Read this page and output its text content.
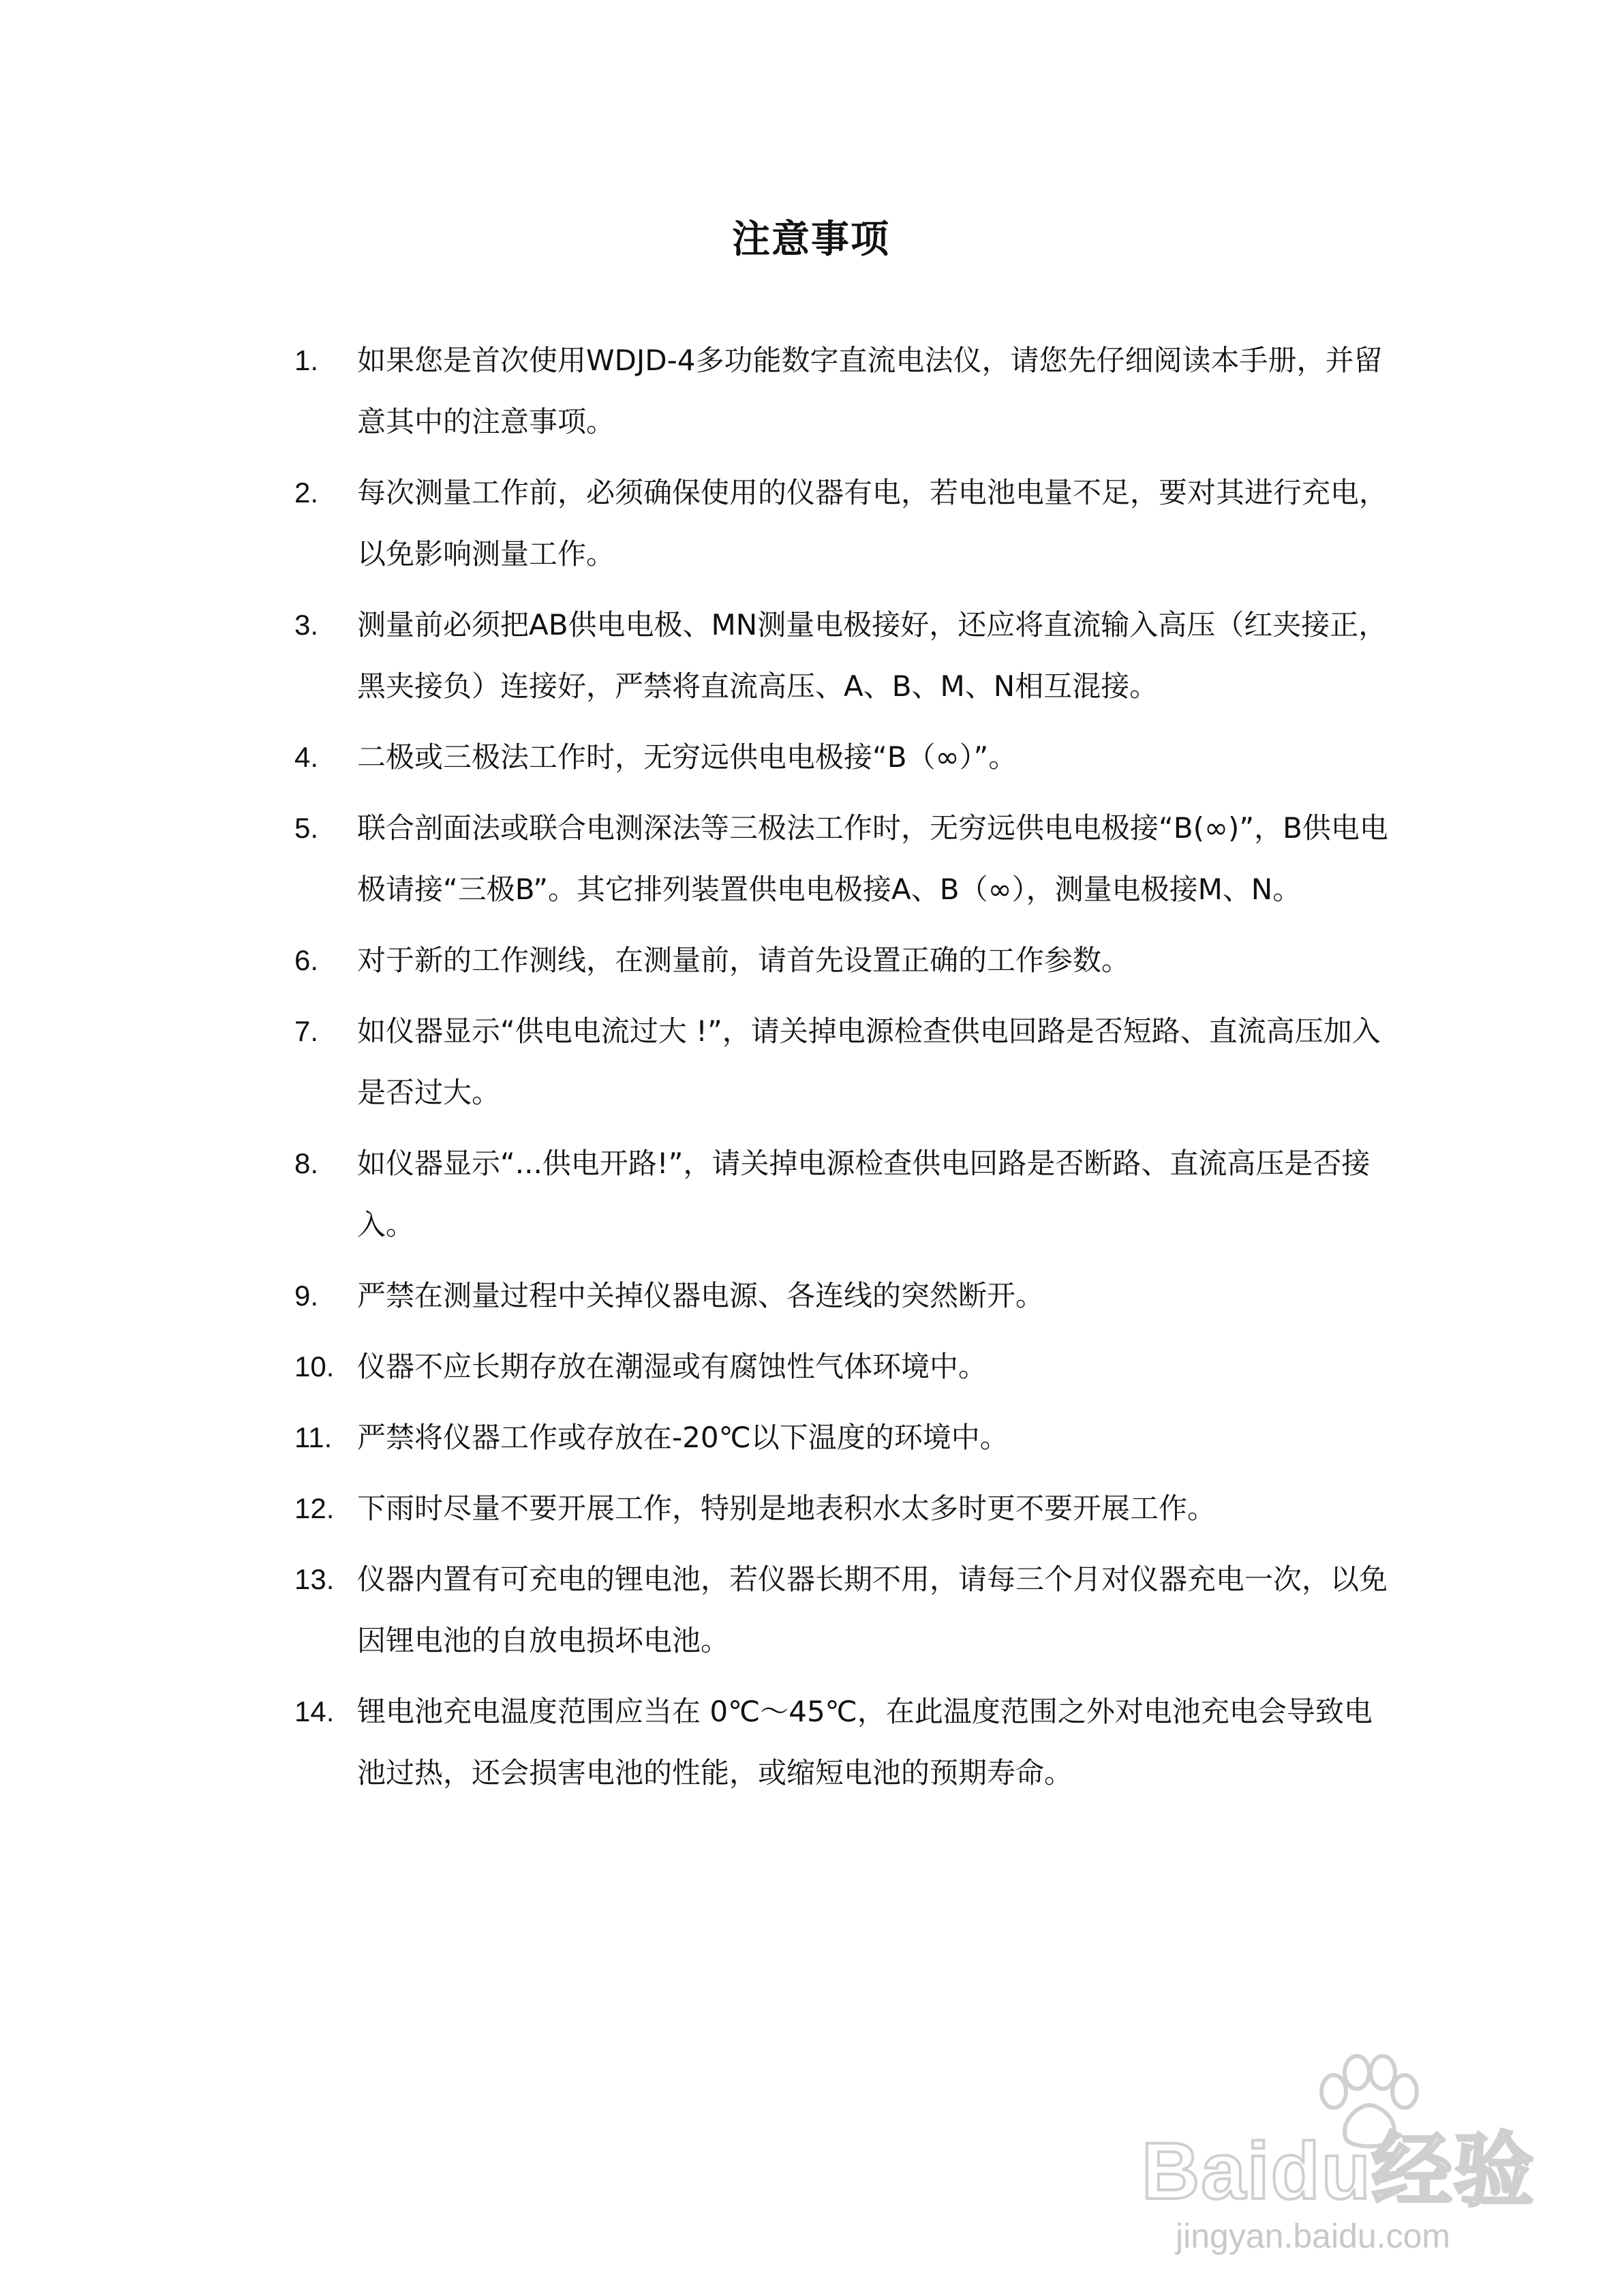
注意事项
1. 如果您是首次使用WDJD-4多功能数字直流电法仪，请您先仔细阅读本手册，并留意其中的注意事项。
2. 每次测量工作前，必须确保使用的仪器有电，若电池电量不足，要对其进行充电，以免影响测量工作。
3. 测量前必须把AB供电电极、MN测量电极接好，还应将直流输入高压（红夹接正，黑夹接负）连接好，严禁将直流高压、A、B、M、N相互混接。
4. 二极或三极法工作时，无穷远供电电极接“B（∞）”。
5. 联合剖面法或联合电测深法等三极法工作时，无穷远供电电极接“B(∞)”，B供电电极请接“三极B”。其它排列装置供电电极接A、B（∞），测量电极接M、N。
6. 对于新的工作测线，在测量前，请首先设置正确的工作参数。
7. 如仪器显示“供电电流过大 !”，请关掉电源检查供电回路是否短路、直流高压加入是否过大。
8. 如仪器显示“...供电开路!”，请关掉电源检查供电回路是否断路、直流高压是否接入。
9. 严禁在测量过程中关掉仪器电源、各连线的突然断开。
10. 仪器不应长期存放在潮湿或有腐蚀性气体环境中。
11. 严禁将仪器工作或存放在-20℃以下温度的环境中。
12. 下雨时尽量不要开展工作，特别是地表积水太多时更不要开展工作。
13. 仪器内置有可充电的锂电池，若仪器长期不用，请每三个月对仪器充电一次，以免因锂电池的自放电损坏电池。
14. 锂电池充电温度范围应当在 0℃～45℃，在此温度范围之外对电池充电会导致电池过热，还会损害电池的性能，或缩短电池的预期寿命。
Baidu经验
jingyan.baidu.com
